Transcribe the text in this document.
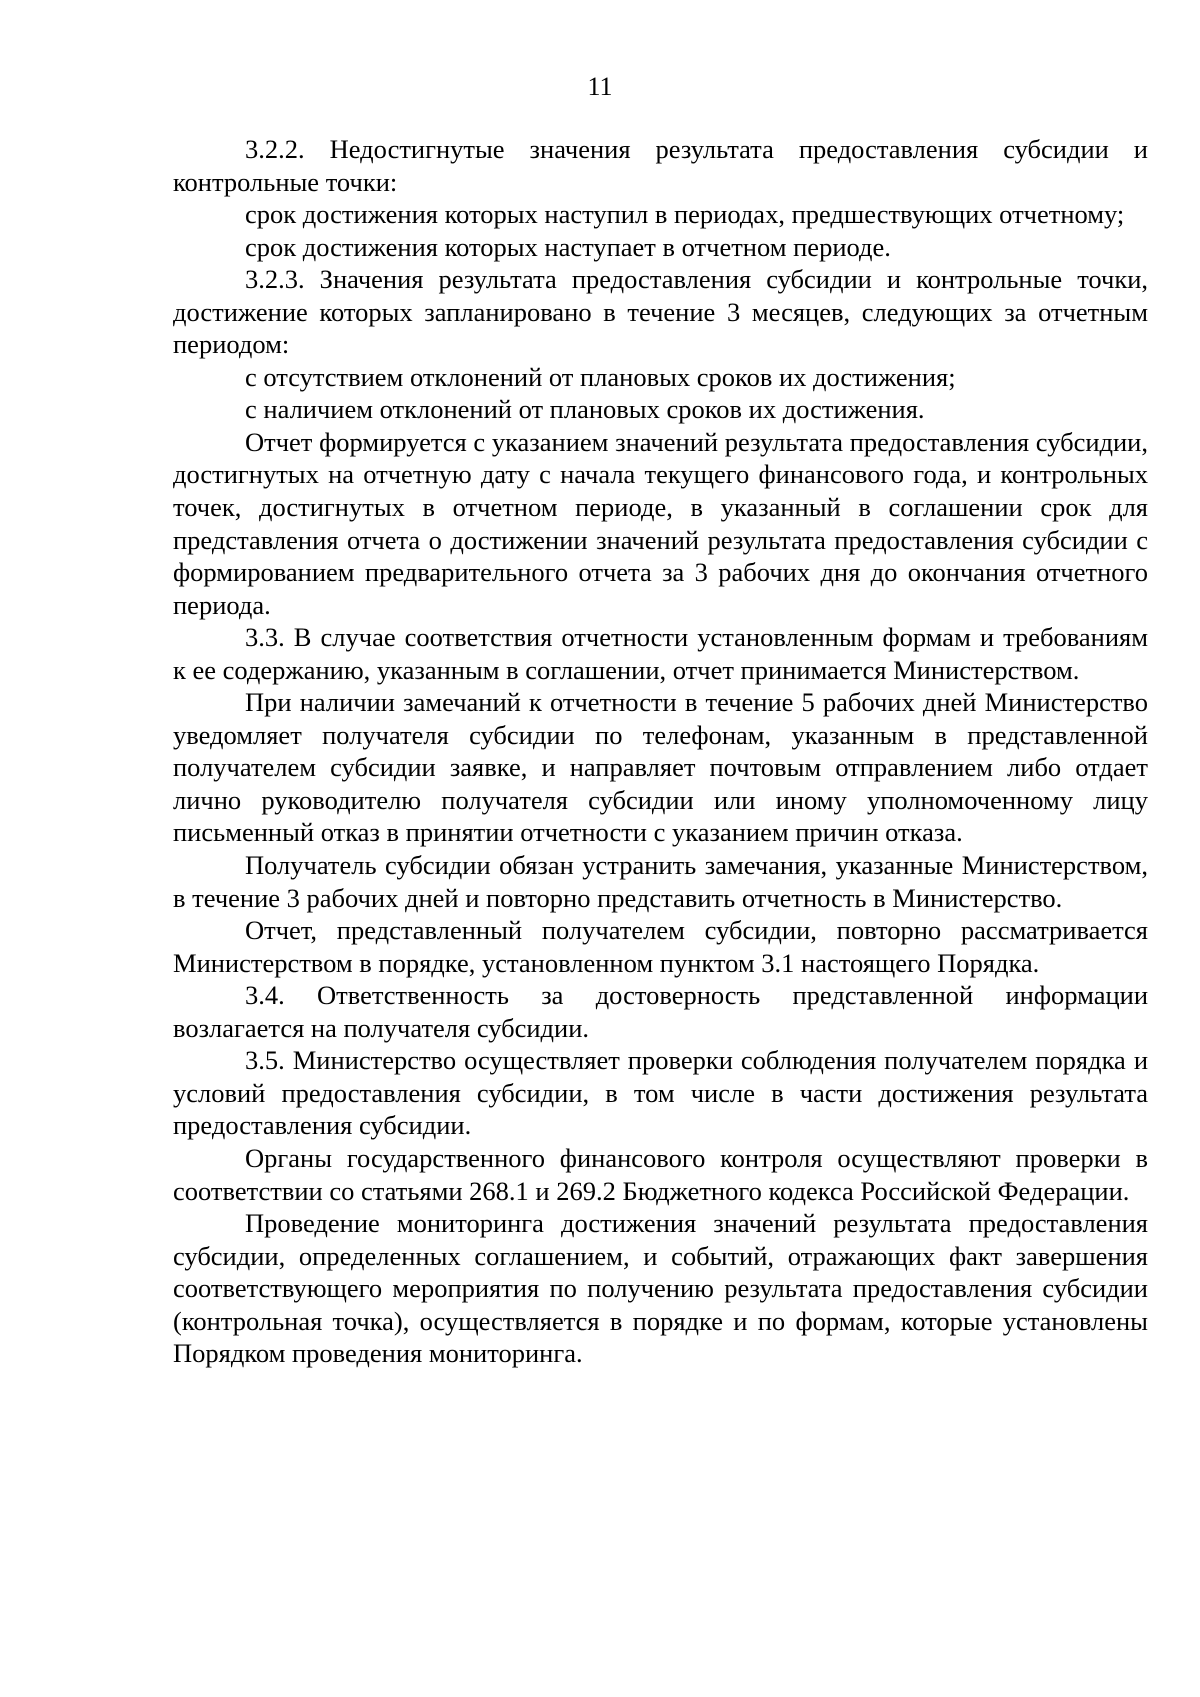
11

3.2.2. Недостигнутые значения результата предоставления субсидии и контрольные точки:

срок достижения которых наступил в периодах, предшествующих отчетному;

срок достижения которых наступает в отчетном периоде.

3.2.3. Значения результата предоставления субсидии и контрольные точки, достижение которых запланировано в течение 3 месяцев, следующих за отчетным периодом:

с отсутствием отклонений от плановых сроков их достижения;

с наличием отклонений от плановых сроков их достижения.

Отчет формируется с указанием значений результата предоставления субсидии, достигнутых на отчетную дату с начала текущего финансового года, и контрольных точек, достигнутых в отчетном периоде, в указанный в соглашении срок для представления отчета о достижении значений результата предоставления субсидии с формированием предварительного отчета за 3 рабочих дня до окончания отчетного периода.

3.3. В случае соответствия отчетности установленным формам и требованиям к ее содержанию, указанным в соглашении, отчет принимается Министерством.

При наличии замечаний к отчетности в течение 5 рабочих дней Министерство уведомляет получателя субсидии по телефонам, указанным в представленной получателем субсидии заявке, и направляет почтовым отправлением либо отдает лично руководителю получателя субсидии или иному уполномоченному лицу письменный отказ в принятии отчетности с указанием причин отказа.

Получатель субсидии обязан устранить замечания, указанные Министерством, в течение 3 рабочих дней и повторно представить отчетность в Министерство.

Отчет, представленный получателем субсидии, повторно рассматривается Министерством в порядке, установленном пунктом 3.1 настоящего Порядка.

3.4. Ответственность за достоверность представленной информации возлагается на получателя субсидии.

3.5. Министерство осуществляет проверки соблюдения получателем порядка и условий предоставления субсидии, в том числе в части достижения результата предоставления субсидии.

Органы государственного финансового контроля осуществляют проверки в соответствии со статьями 268.1 и 269.2 Бюджетного кодекса Российской Федерации.

Проведение мониторинга достижения значений результата предоставления субсидии, определенных соглашением, и событий, отражающих факт завершения соответствующего мероприятия по получению результата предоставления субсидии (контрольная точка), осуществляется в порядке и по формам, которые установлены Порядком проведения мониторинга.
